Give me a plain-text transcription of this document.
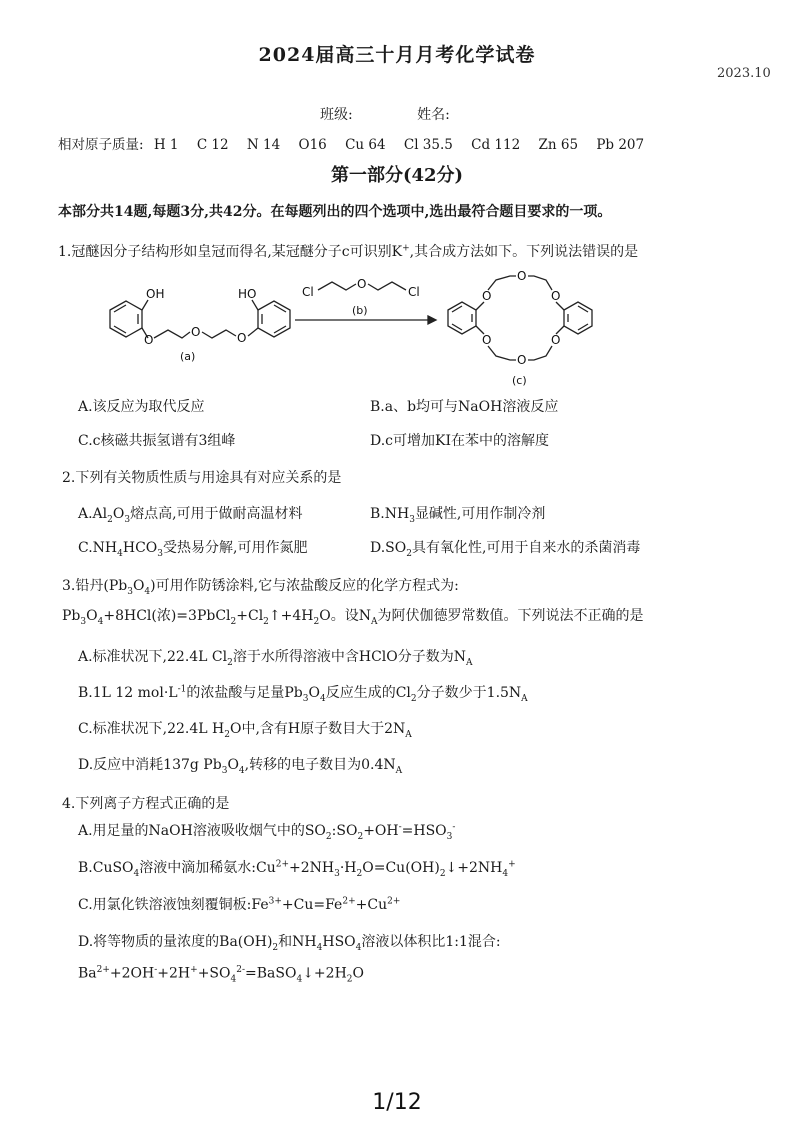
2024届高三十月月考化学试卷
2023.10
班级:	姓名:
相对原子质量: H 1 C 12 N 14 O16 Cu 64 Cl 35.5 Cd 112 Zn 65 Pb 207
第一部分(42分)
本部分共14题,每题3分,共42分。在每题列出的四个选项中,选出最符合题目要求的一项。
1.冠醚因分子结构形如皇冠而得名,某冠醚分子c可识别K+,其合成方法如下。下列说法错误的是
OH	HO
O
O	O
(a)
Cl
O
Cl
(b)
O
O
O
O
O
O
(c)
A.该反应为取代反应	B.a、b均可与NaOH溶液反应
C.c核磁共振氢谱有3组峰	D.c可增加KI在苯中的溶解度
2.下列有关物质性质与用途具有对应关系的是
$A.Al_2O_3$熔点高,可用于做耐高温材料	$B.NH_3$显碱性,可用作制冷剂
$C.NH_4HCO_3$受热易分解,可用作氮肥	$D.SO_2$具有氧化性,可用于自来水的杀菌消毒
3.铅丹$(Pb_3O_4)$可用作防锈涂料,它与浓盐酸反应的化学方程式为:
$Pb_3O_4+8HCl$(浓)$=3PbCl_2+Cl_2↑+4H_2O$。设$N_A$为阿伏伽德罗常数值。下列说法不正确的是
A.标准状况下,22.4L $Cl_2$溶于水所得溶液中含HClO分子数为$N_A$
B.1L 12 $mol\cdot L^{-1}$的浓盐酸与足量$Pb_3O_4$反应生成的$Cl_2$分子数少于$1.5N_A$
C.标准状况下,22.4L $H_2O$中,含有H原子数目大于$2N_A$
D.反应中消耗137g $Pb_3O_4$,转移的电子数目为$0.4N_A$
4.下列离子方程式正确的是
A.用足量的NaOH溶液吸收烟气中的$SO_2:SO_2+OH^-=HSO_3^-$
B.CuSO$_4$溶液中滴加稀氨水$:Cu^{2+}+2NH_3\cdot H_2O=Cu(OH)_2↓+2NH_4^+$
C.用氯化铁溶液蚀刻覆铜板$:Fe^{3+}+Cu=Fe^{2+}+Cu^{2+}$
D.将等物质的量浓度的$Ba(OH)_2$和$NH_4HSO_4$溶液以体积比1:1混合:
$Ba^{2+}+2OH^-+2H^++SO_4^{2-}=BaSO_4↓+2H_2O$
1/12
